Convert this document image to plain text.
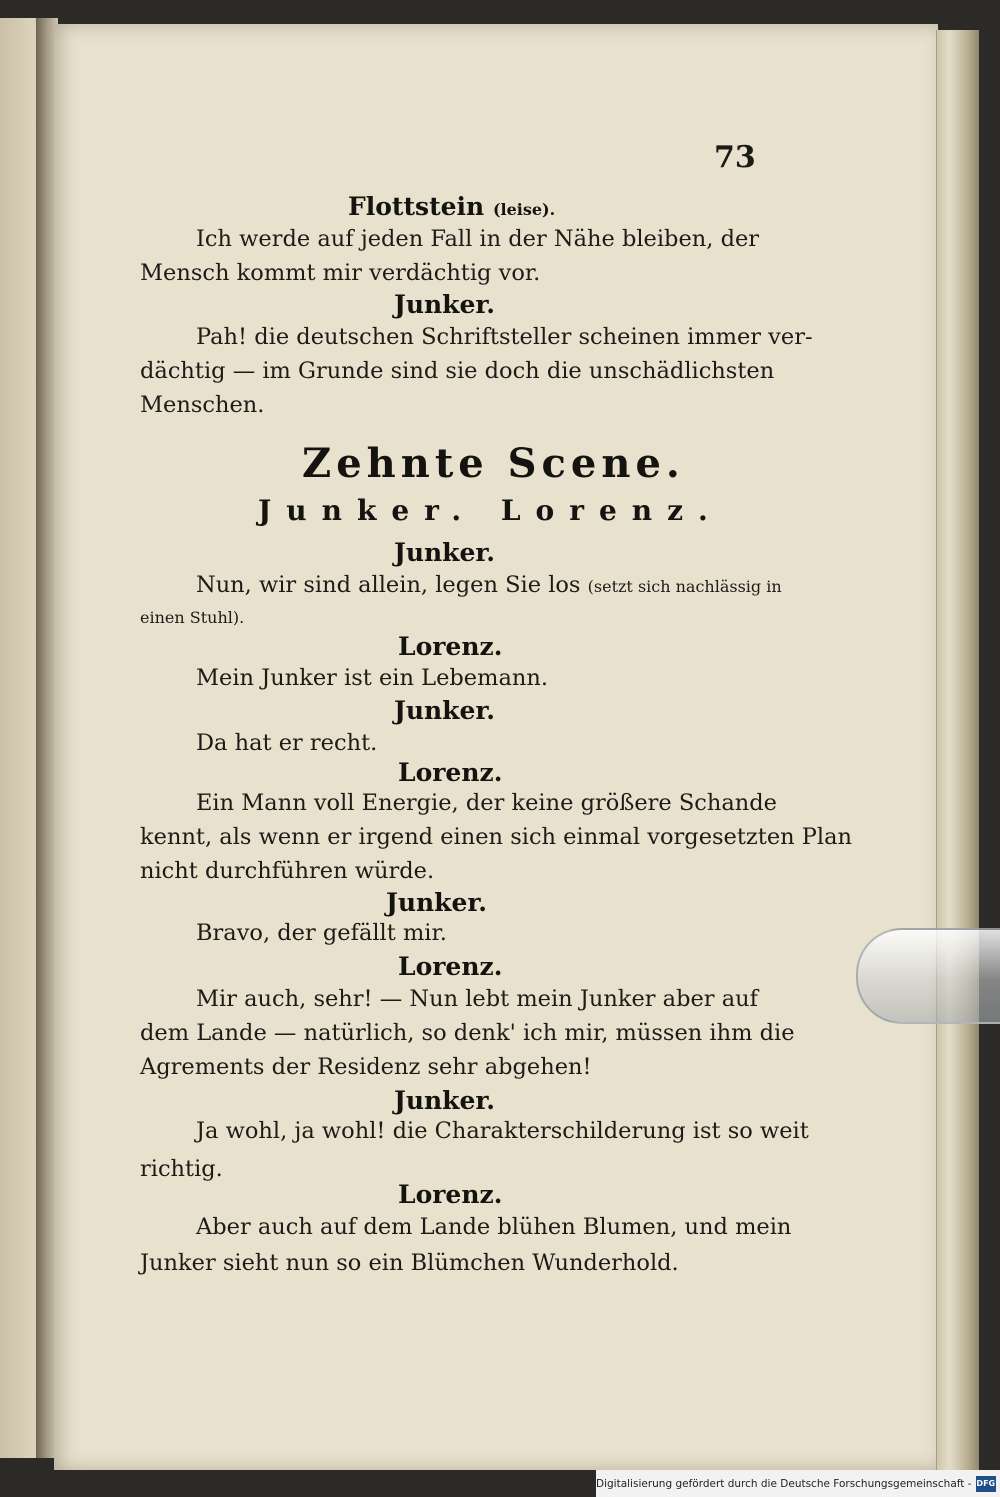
73

Flottstein (leise).

Ich werde auf jeden Fall in der Nähe bleiben, der

Mensch kommt mir verdächtig vor.

Junker.

Pah! die deutschen Schriftsteller scheinen immer ver-

dächtig — im Grunde sind sie doch die unschädlichsten

Menschen.

Zehnte Scene.

Junker. Lorenz.

Junker.

Nun, wir sind allein, legen Sie los (setzt sich nachlässig in

einen Stuhl).

Lorenz.

Mein Junker ist ein Lebemann.

Junker.

Da hat er recht.

Lorenz.

Ein Mann voll Energie, der keine größere Schande

kennt, als wenn er irgend einen sich einmal vorgesetzten Plan

nicht durchführen würde.

Junker.

Bravo, der gefällt mir.

Lorenz.

Mir auch, sehr! — Nun lebt mein Junker aber auf

dem Lande — natürlich, so denk' ich mir, müssen ihm die

Agrements der Residenz sehr abgehen!

Junker.

Ja wohl, ja wohl! die Charakterschilderung ist so weit

richtig.

Lorenz.

Aber auch auf dem Lande blühen Blumen, und mein

Junker sieht nun so ein Blümchen Wunderhold.

Digitalisierung gefördert durch die Deutsche Forschungsgemeinschaft - DFG
